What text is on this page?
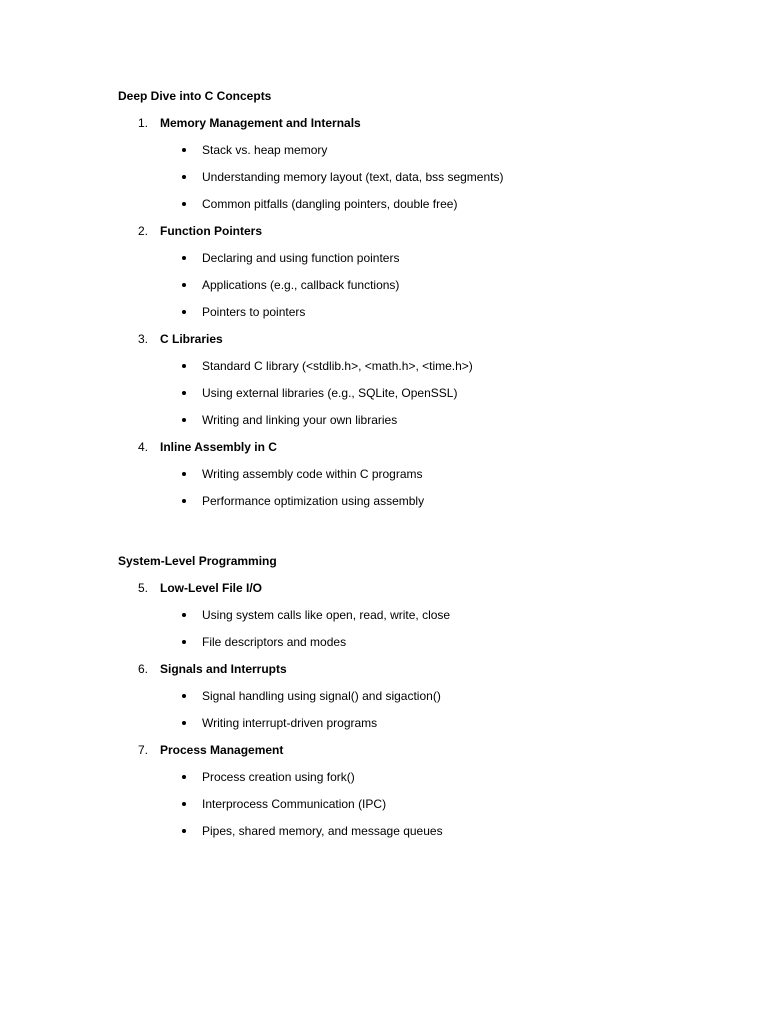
Deep Dive into C Concepts
1. Memory Management and Internals
Stack vs. heap memory
Understanding memory layout (text, data, bss segments)
Common pitfalls (dangling pointers, double free)
2. Function Pointers
Declaring and using function pointers
Applications (e.g., callback functions)
Pointers to pointers
3. C Libraries
Standard C library (<stdlib.h>, <math.h>, <time.h>)
Using external libraries (e.g., SQLite, OpenSSL)
Writing and linking your own libraries
4. Inline Assembly in C
Writing assembly code within C programs
Performance optimization using assembly
System-Level Programming
5. Low-Level File I/O
Using system calls like open, read, write, close
File descriptors and modes
6. Signals and Interrupts
Signal handling using signal() and sigaction()
Writing interrupt-driven programs
7. Process Management
Process creation using fork()
Interprocess Communication (IPC)
Pipes, shared memory, and message queues
